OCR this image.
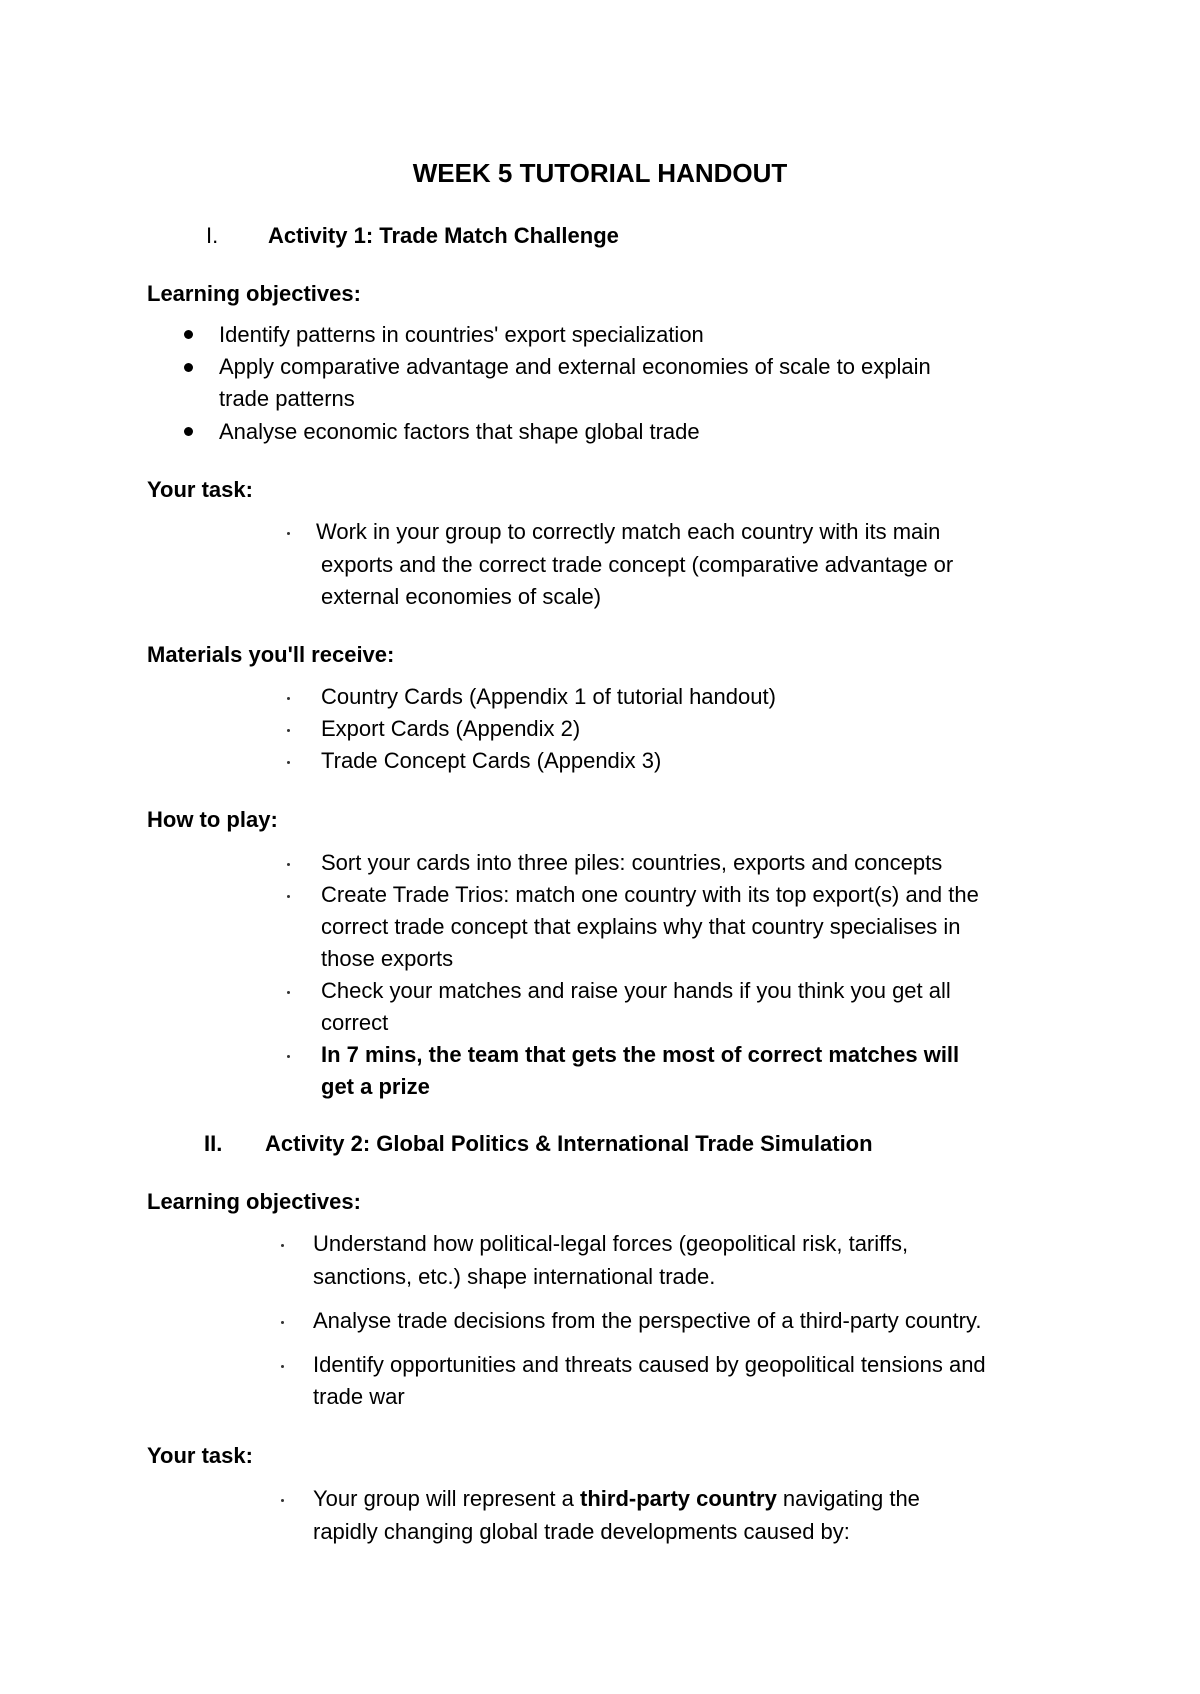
WEEK 5 TUTORIAL HANDOUT
I. Activity 1: Trade Match Challenge
Learning objectives:
Identify patterns in countries' export specialization
Apply comparative advantage and external economies of scale to explain
trade patterns
Analyse economic factors that shape global trade
Your task:
Work in your group to correctly match each country with its main
exports and the correct trade concept (comparative advantage or
external economies of scale)
Materials you'll receive:
Country Cards (Appendix 1 of tutorial handout)
Export Cards (Appendix 2)
Trade Concept Cards (Appendix 3)
How to play:
Sort your cards into three piles: countries, exports and concepts
Create Trade Trios: match one country with its top export(s) and the
correct trade concept that explains why that country specialises in
those exports
Check your matches and raise your hands if you think you get all
correct
In 7 mins, the team that gets the most of correct matches will
get a prize
II. Activity 2: Global Politics & International Trade Simulation
Learning objectives:
Understand how political-legal forces (geopolitical risk, tariffs,
sanctions, etc.) shape international trade.
Analyse trade decisions from the perspective of a third-party country.
Identify opportunities and threats caused by geopolitical tensions and
trade war
Your task:
Your group will represent a third-party country navigating the
rapidly changing global trade developments caused by:
